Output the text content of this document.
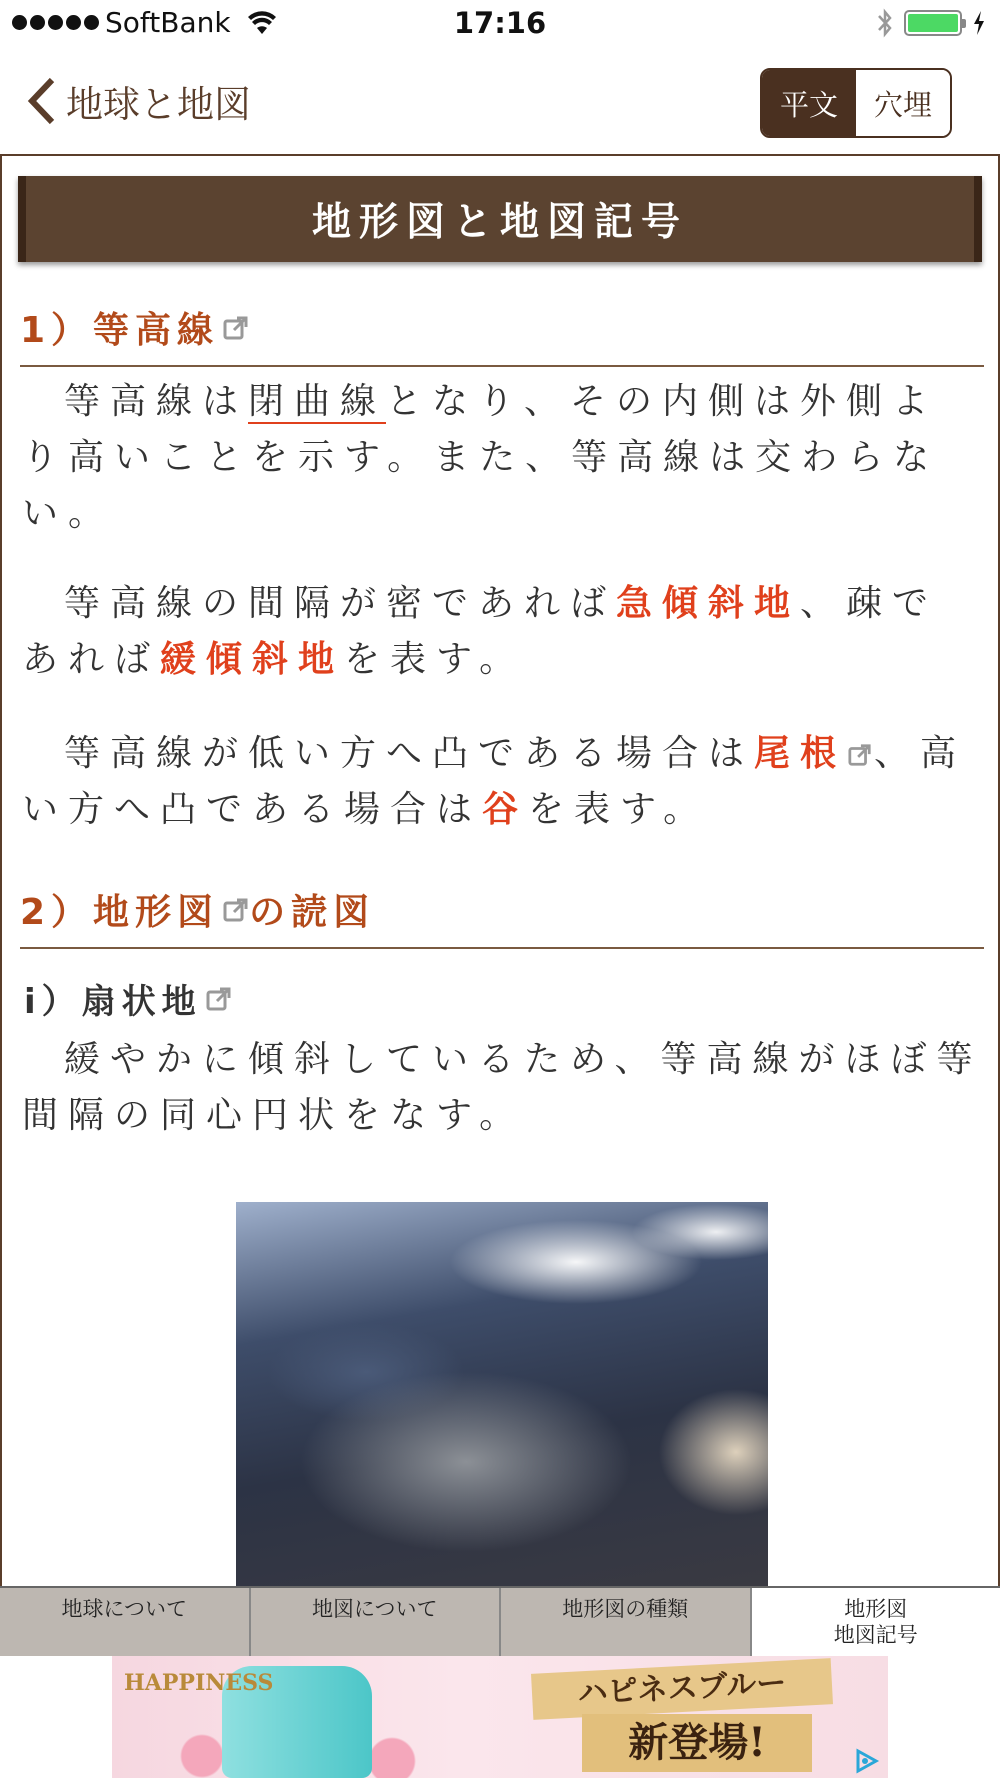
SoftBank	17:16
地球と地図	平文	穴埋
地形図と地図記号
1）等高線
等高線は閉曲線となり、その内側は外側より高いことを示す。また、等高線は交わらない。
等高線の間隔が密であれば急傾斜地、疎であれば緩傾斜地を表す。
等高線が低い方へ凸である場合は尾根 、高い方へ凸である場合は谷を表す。
2）地形図 の読図
i）扇状地
緩やかに傾斜しているため、等高線がほぼ等間隔の同心円状をなす。
地球について	地図について	地形図の種類	地形図
地図記号
HAPPINESS	ハピネスブルー
新登場!
